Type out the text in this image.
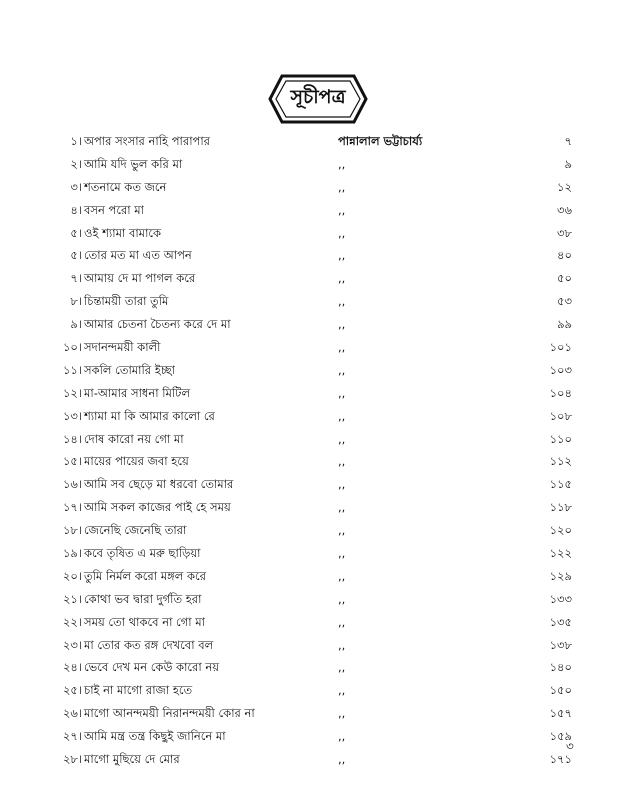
সূচীপত্র
১। অপার সংসার নাহি পারাপার	পান্নালাল ভট্টাচার্য্য	৭
২। আমি যদি ভুল করি মা	,,	৯
৩। শতনামে কত জনে	,,	১২
৪। বসন পরো মা	,,	৩৬
৫। ওই শ্যামা বামাকে	,,	৩৮
৫। তোর মত মা এত আপন	,,	৪০
৭। আমায় দে মা পাগল করে	,,	৫০
৮। চিন্তাময়ী তারা তুমি	,,	৫৩
৯। আমার চেতনা চৈতন্য করে দে মা	,,	৯৯
১০। সদানন্দময়ী কালী	,,	১০১
১১। সকলি তোমারি ইচ্ছা	,,	১০৩
১২। মা-আমার সাধনা মিটিল	,,	১০৪
১৩। শ্যামা মা কি আমার কালো রে	,,	১০৮
১৪। দোষ কারো নয় গো মা	,,	১১০
১৫। মায়ের পায়ের জবা হয়ে	,,	১১২
১৬। আমি সব ছেড়ে মা ধরবো তোমার	,,	১১৫
১৭। আমি সকল কাজের পাই হে সময়	,,	১১৮
১৮। জেনেছি জেনেছি তারা	,,	১২০
১৯। কবে তৃষিত এ মরু ছাড়িয়া	,,	১২২
২০। তুমি নির্মল করো মঙ্গল করে	,,	১২৯
২১। কোথা ভব দ্বারা দুর্গতি হরা	,,	১৩৩
২২। সময় তো থাকবে না গো মা	,,	১৩৫
২৩। মা তোর কত রঙ্গ দেখবো বল	,,	১৩৮
২৪। ভেবে দেখ মন কেউ কারো নয়	,,	১৪০
২৫। চাই না মাগো রাজা হতে	,,	১৫০
২৬। মাগো আনন্দময়ী নিরানন্দময়ী কোর না	,,	১৫৭
২৭। আমি মন্ত্র তন্ত্র কিছুই জানিনে মা	,,	১৫৯
২৮। মাগো মুছিয়ে দে মোর	,,	১৭১
৩
